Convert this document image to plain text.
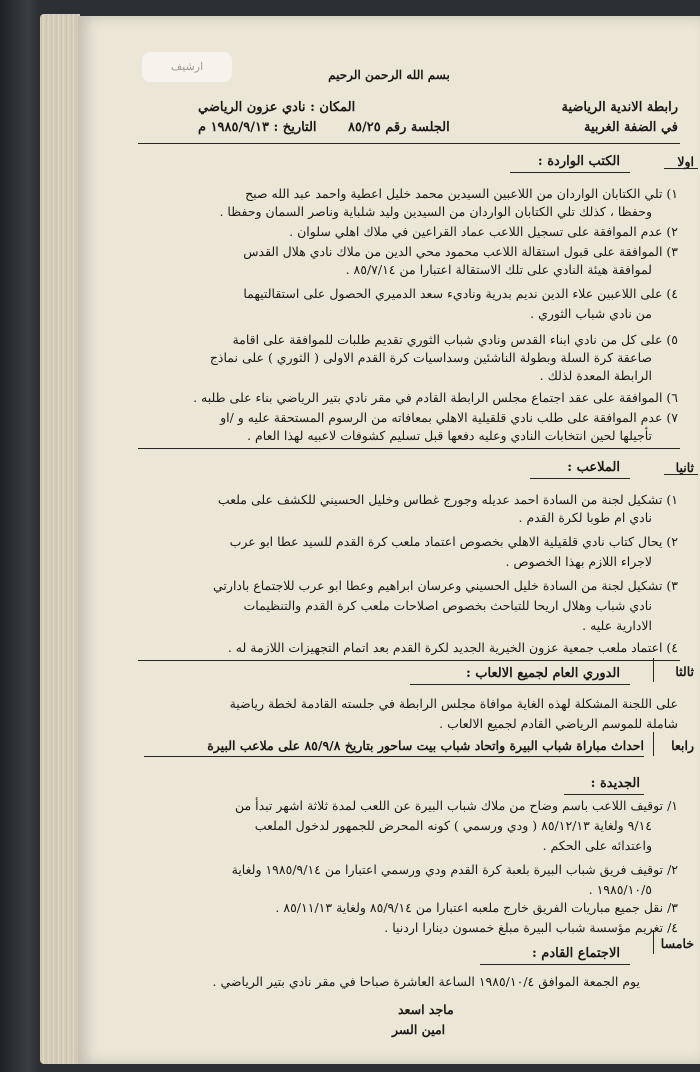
ارشيف
بسم الله الرحمن الرحيم
رابطة الاندية الرياضية
في الضفة الغربية
الجلسة رقم ٨٥/٢٥
المكان : نادي عزون الرياضي
التاريخ : ١٩٨٥/٩/١٣ م
اولا
الكتب الواردة :
١) تلي الكتابان الواردان من اللاعبين السيدين محمد خليل اعطية واحمد عبد الله صبح
وحفظا ، كذلك تلي الكتابان الواردان من السيدين وليد شلباية وناصر السمان وحفظا .
٢) عدم الموافقة على تسجيل اللاعب عماد القراعين في ملاك اهلي سلوان .
٣) الموافقة على قبول استقالة اللاعب محمود محي الدين من ملاك نادي هلال القدس
لموافقة هيئة النادي على تلك الاستقالة اعتبارا من ٨٥/٧/١٤ .
٤) على اللاعبين علاء الدين نديم بدرية وناديء سعد الدميري الحصول على استقالتيهما
من نادي شباب الثوري .
٥) على كل من نادي ابناء القدس ونادي شباب الثوري تقديم طلبات للموافقة على اقامة
صاعقة كرة السلة وبطولة الناشئين وسداسيات كرة القدم الاولى ( الثوري ) على نماذج
الرابطة المعدة لذلك .
٦) الموافقة على عقد اجتماع مجلس الرابطة القادم في مقر نادي بتير الرياضي بناء على طلبه .
٧) عدم الموافقة على طلب نادي قلقيلية الاهلي بمعافاته من الرسوم المستحقة عليه و /او
تأجيلها لحين انتخابات النادي وعليه دفعها قبل تسليم كشوفات لاعبيه لهذا العام .
ثانيا
الملاعب :
١) تشكيل لجنة من السادة احمد عديله وجورج غطاس وخليل الحسيني للكشف على ملعب
نادي ام طوبا لكرة القدم .
٢) يحال كتاب نادي قلقيلية الاهلي بخصوص اعتماد ملعب كرة القدم للسيد عطا ابو عرب
لاجراء اللازم بهذا الخصوص .
٣) تشكيل لجنة من السادة خليل الحسيني وعرسان ابراهيم وعطا ابو عرب للاجتماع بادارتي
نادي شباب وهلال اريحا للتباحث بخصوص اصلاحات ملعب كرة القدم والتنظيمات
الادارية عليه .
٤) اعتماد ملعب جمعية عزون الخيرية الجديد لكرة القدم بعد اتمام التجهيزات اللازمة له .
ثالثا
الدوري العام لجميع الالعاب :
على اللجنة المشكلة لهذه الغاية موافاة مجلس الرابطة في جلسته القادمة لخطة رياضية
شاملة للموسم الرياضي القادم لجميع الالعاب .
رابعا
احداث مباراة شباب البيرة واتحاد شباب بيت ساحور بتاريخ ٨٥/٩/٨ على ملاعب البيرة
الجديدة :
١/ توقيف اللاعب باسم وضاح من ملاك شباب البيرة عن اللعب لمدة ثلاثة اشهر تبدأ من
٩/١٤ ولغاية ٨٥/١٢/١٣ ( ودي ورسمي ) كونه المحرض للجمهور لدخول الملعب
واعتدائه على الحكم .
٢/ توقيف فريق شباب البيرة بلعبة كرة القدم ودي ورسمي اعتبارا من ١٩٨٥/٩/١٤ ولغاية
١٩٨٥/١٠/٥ .
٣/ نقل جميع مباريات الفريق خارج ملعبه اعتبارا من ٨٥/٩/١٤ ولغاية ٨٥/١١/١٣ .
٤/ تغريم مؤسسة شباب البيرة مبلغ خمسون دينارا اردنيا .
خامسا
الاجتماع القادم :
يوم الجمعة الموافق ١٩٨٥/١٠/٤ الساعة العاشرة صباحا في مقر نادي بتير الرياضي .
ماجد اسعد
امين السر
